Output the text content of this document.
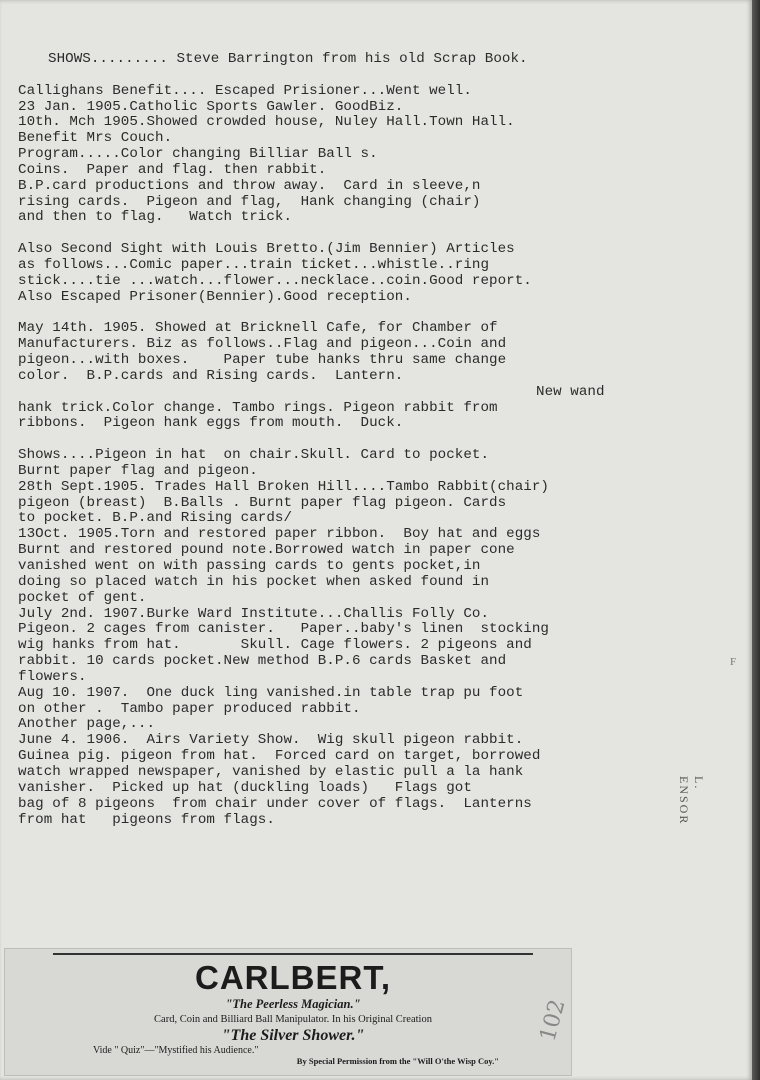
SHOWS......... Steve Barrington from his old Scrap Book.
Callighans Benefit.... Escaped Prisioner...Went well.
23 Jan. 1905.Catholic Sports Gawler. GoodBiz.
10th. Mch 1905.Showed crowded house, Nuley Hall.Town Hall.
Benefit Mrs Couch.
Program.....Color changing Billiar Ball s.
Coins.  Paper and flag. then rabbit.
B.P.card productions and throw away.  Card in sleeve,n
rising cards.  Pigeon and flag,  Hank changing (chair)
and then to flag.   Watch trick.
Also Second Sight with Louis Bretto.(Jim Bennier) Articles
as follows...Comic paper...train ticket...whistle..ring
stick....tie ...watch...flower...necklace..coin.Good report.
Also Escaped Prisoner(Bennier).Good reception.
May 14th. 1905. Showed at Bricknell Cafe, for Chamber of
Manufacturers. Biz as follows..Flag and pigeon...Coin and
pigeon...with boxes.    Paper tube hanks thru same change
color.  B.P.cards and Rising cards.  Lantern.
New wand
hank trick.Color change. Tambo rings. Pigeon rabbit from
ribbons.  Pigeon hank eggs from mouth.  Duck.
Shows....Pigeon in hat  on chair.Skull. Card to pocket.
Burnt paper flag and pigeon.
28th Sept.1905. Trades Hall Broken Hill....Tambo Rabbit(chair)
pigeon (breast)  B.Balls . Burnt paper flag pigeon. Cards
to pocket. B.P.and Rising cards/
13Oct. 1905.Torn and restored paper ribbon.  Boy hat and eggs
Burnt and restored pound note.Borrowed watch in paper cone
vanished went on with passing cards to gents pocket,in
doing so placed watch in his pocket when asked found in
pocket of gent.
July 2nd. 1907.Burke Ward Institute...Challis Folly Co.
Pigeon. 2 cages from canister.   Paper..baby's linen  stocking
wig hanks from hat.       Skull. Cage flowers. 2 pigeons and
rabbit. 10 cards pocket.New method B.P.6 cards Basket and
flowers.
Aug 10. 1907.  One duck ling vanished.in table trap pu foot
on other .  Tambo paper produced rabbit.
Another page,...
June 4. 1906.  Airs Variety Show.  Wig skull pigeon rabbit.
Guinea pig. pigeon from hat.  Forced card on target, borrowed
watch wrapped newspaper, vanished by elastic pull a la hank
vanisher.  Picked up hat (duckling loads)   Flags got
bag of 8 pigeons  from chair under cover of flags.  Lanterns
from hat   pigeons from flags.
F
L. ENSOR
CARLBERT,
"The Peerless Magician."
Card, Coin and Billiard Ball Manipulator. In his Original Creation
"The Silver Shower."
Vide " Quiz"—"Mystified his Audience."
By Special Permission from the "Will O'the Wisp Coy."
102
